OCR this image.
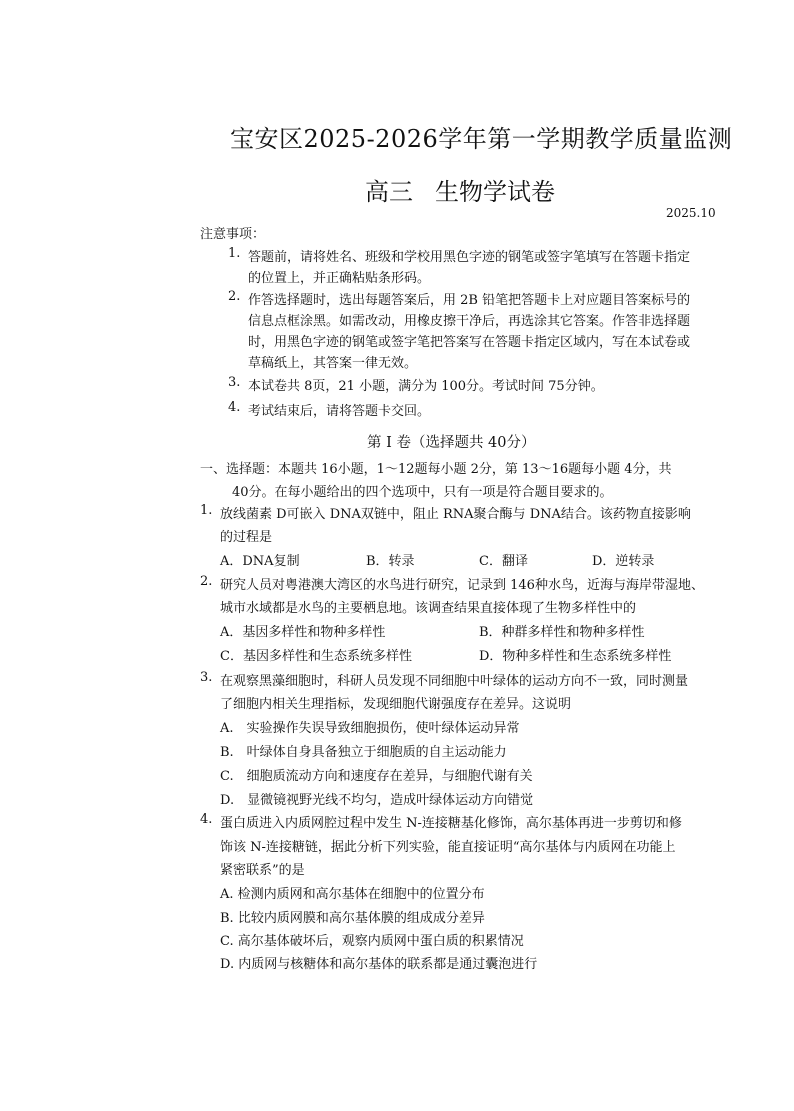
宝安区2025-2026学年第一学期教学质量监测
高三 生物学试卷
2025.10
注意事项：
1. 答题前，请将姓名、班级和学校用黑色字迹的钢笔或签字笔填写在答题卡指定
的位置上，并正确粘贴条形码。
2. 作答选择题时，选出每题答案后，用 2B 铅笔把答题卡上对应题目答案标号的
信息点框涂黑。如需改动，用橡皮擦干净后，再选涂其它答案。作答非选择题
时，用黑色字迹的钢笔或签字笔把答案写在答题卡指定区域内，写在本试卷或
草稿纸上，其答案一律无效。
3. 本试卷共 8页，21 小题，满分为 100分。考试时间 75分钟。
4. 考试结束后，请将答题卡交回。
第 Ⅰ 卷（选择题共 40分）
一、选择题：本题共 16小题，1～12题每小题 2分，第 13～16题每小题 4分，共
40分。在每小题给出的四个选项中，只有一项是符合题目要求的。
1. 放线菌素 D可嵌入 DNA双链中，阻止 RNA聚合酶与 DNA结合。该药物直接影响
的过程是
A．DNA复制	B．转录	C．翻译	D．逆转录
2. 研究人员对粤港澳大湾区的水鸟进行研究，记录到 146种水鸟，近海与海岸带湿地、
城市水域都是水鸟的主要栖息地。该调查结果直接体现了生物多样性中的
A．基因多样性和物种多样性	B．种群多样性和物种多样性
C．基因多样性和生态系统多样性	D．物种多样性和生态系统多样性
3. 在观察黑藻细胞时，科研人员发现不同细胞中叶绿体的运动方向不一致，同时测量
了细胞内相关生理指标，发现细胞代谢强度存在差异。这说明
A.　实验操作失误导致细胞损伤，使叶绿体运动异常
B.　叶绿体自身具备独立于细胞质的自主运动能力
C.　细胞质流动方向和速度存在差异，与细胞代谢有关
D.　显微镜视野光线不均匀，造成叶绿体运动方向错觉
4. 蛋白质进入内质网腔过程中发生 N-连接糖基化修饰，高尔基体再进一步剪切和修
饰该 N-连接糖链，据此分析下列实验，能直接证明“高尔基体与内质网在功能上
紧密联系”的是
A. 检测内质网和高尔基体在细胞中的位置分布
B. 比较内质网膜和高尔基体膜的组成成分差异
C. 高尔基体破坏后，观察内质网中蛋白质的积累情况
D. 内质网与核糖体和高尔基体的联系都是通过囊泡进行
